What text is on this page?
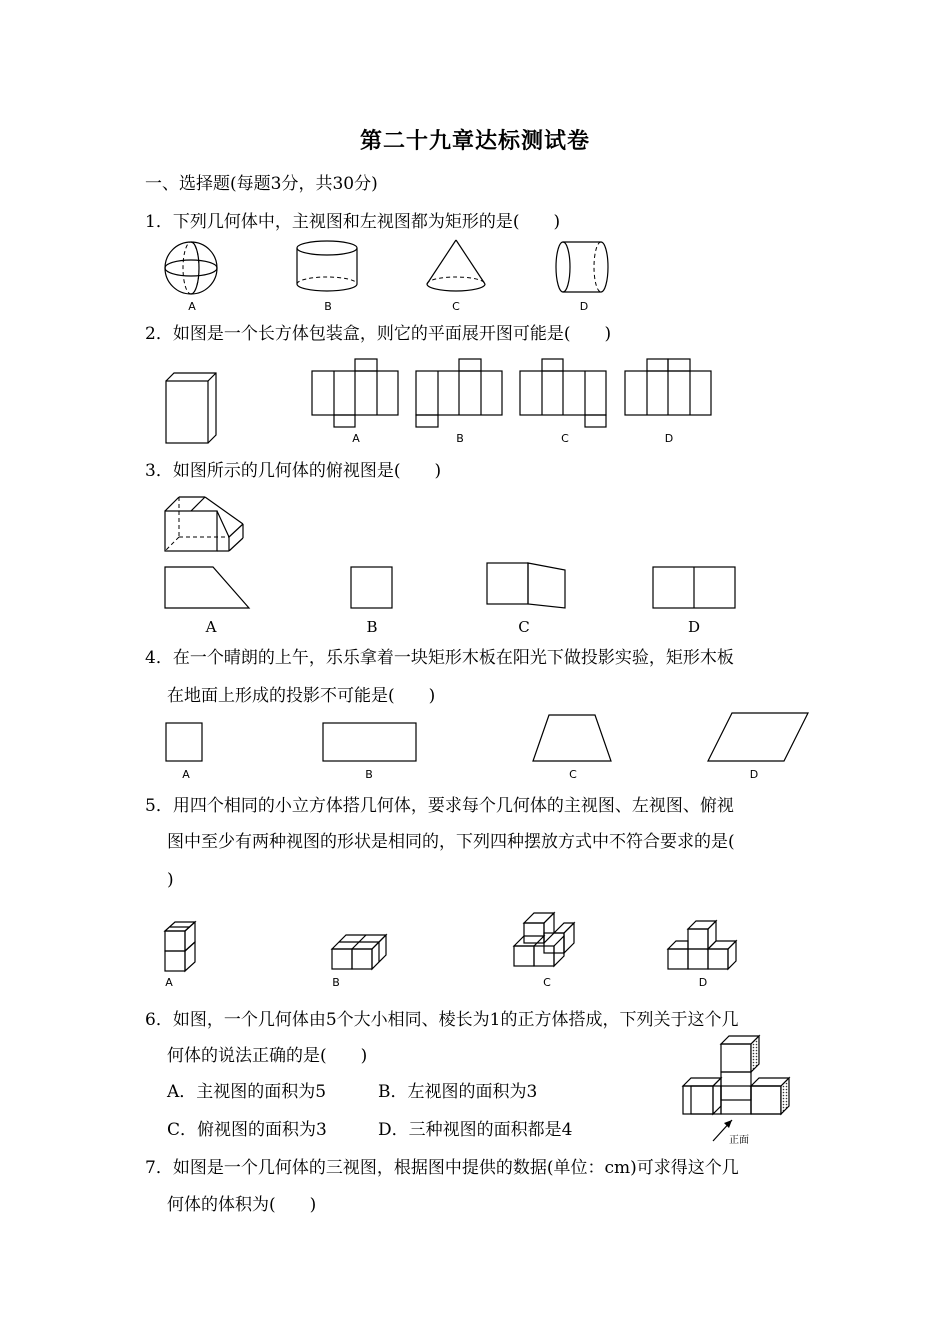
第二十九章达标测试卷
一、选择题(每题3分，共30分)
1．下列几何体中，主视图和左视图都为矩形的是(　　)
A	B	C	D
2．如图是一个长方体包装盒，则它的平面展开图可能是(　　)
A	B	C	D
3．如图所示的几何体的俯视图是(　　)
A	B	C	D
4．在一个晴朗的上午，乐乐拿着一块矩形木板在阳光下做投影实验，矩形木板
在地面上形成的投影不可能是(　　)
A	B	C	D
5．用四个相同的小立方体搭几何体，要求每个几何体的主视图、左视图、俯视
图中至少有两种视图的形状是相同的，下列四种摆放方式中不符合要求的是(
)
A	B	C	D
6．如图，一个几何体由5个大小相同、棱长为1的正方体搭成，下列关于这个几
何体的说法正确的是(　　)
A．主视图的面积为5	B．左视图的面积为3
C．俯视图的面积为3	D．三种视图的面积都是4
正面
7．如图是一个几何体的三视图，根据图中提供的数据(单位：cm)可求得这个几
何体的体积为(　　)
